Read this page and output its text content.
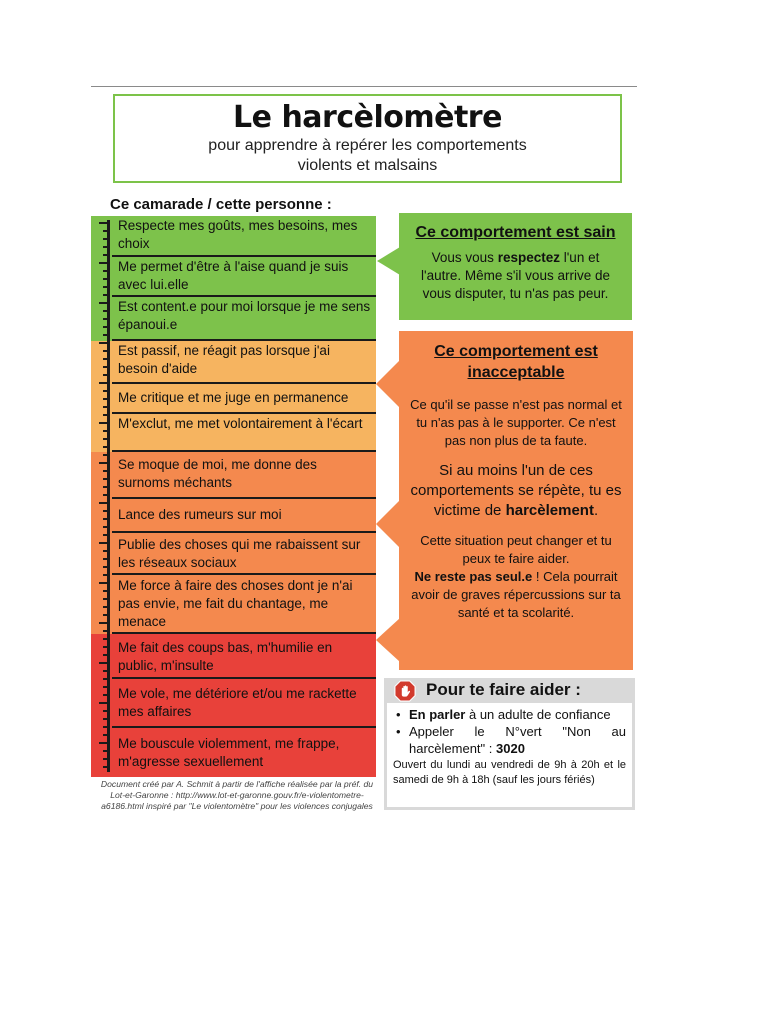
Le harcèlomètre
pour apprendre à repérer les comportements
violents et malsains
Ce camarade / cette personne :
Respecte mes goûts, mes besoins, mes choix
Me permet d'être à l'aise quand je suis avec lui.elle
Est content.e pour moi lorsque je me sens épanoui.e
Est passif, ne réagit pas lorsque j'ai besoin d'aide
Me critique et me juge en permanence
M'exclut, me met volontairement à l'écart
Se moque de moi, me donne des surnoms méchants
Lance des rumeurs sur moi
Publie des choses qui me rabaissent sur les réseaux sociaux
Me force à faire des choses dont je n'ai pas envie, me fait du chantage, me menace
Me fait des coups bas, m'humilie en public, m'insulte
Me vole, me détériore et/ou me rackette mes affaires
Me bouscule violemment, me frappe, m'agresse sexuellement
Document créé par A. Schmit à partir de l'affiche réalisée par la préf. du Lot-et-Garonne : http://www.lot-et-garonne.gouv.fr/e-violentometre-a6186.html inspiré par "Le violentomètre" pour les violences conjugales
Ce comportement est sain

Vous vous respectez l'un et l'autre. Même s'il vous arrive de vous disputer, tu n'as pas peur.

Ce comportement est
inacceptable

Ce qu'il se passe n'est pas normal et tu n'as pas à le supporter. Ce n'est pas non plus de ta faute.

Si au moins l'un de ces comportements se répète, tu es victime de harcèlement.

Cette situation peut changer et tu peux te faire aider.
Ne reste pas seul.e ! Cela pourrait avoir de graves répercussions sur ta santé et ta scolarité.

Pour te faire aider :
• En parler à un adulte de confiance
• Appeler le N°vert "Non au harcèlement" : 3020

Ouvert du lundi au vendredi de 9h à 20h et le samedi de 9h à 18h (sauf les jours fériés)
